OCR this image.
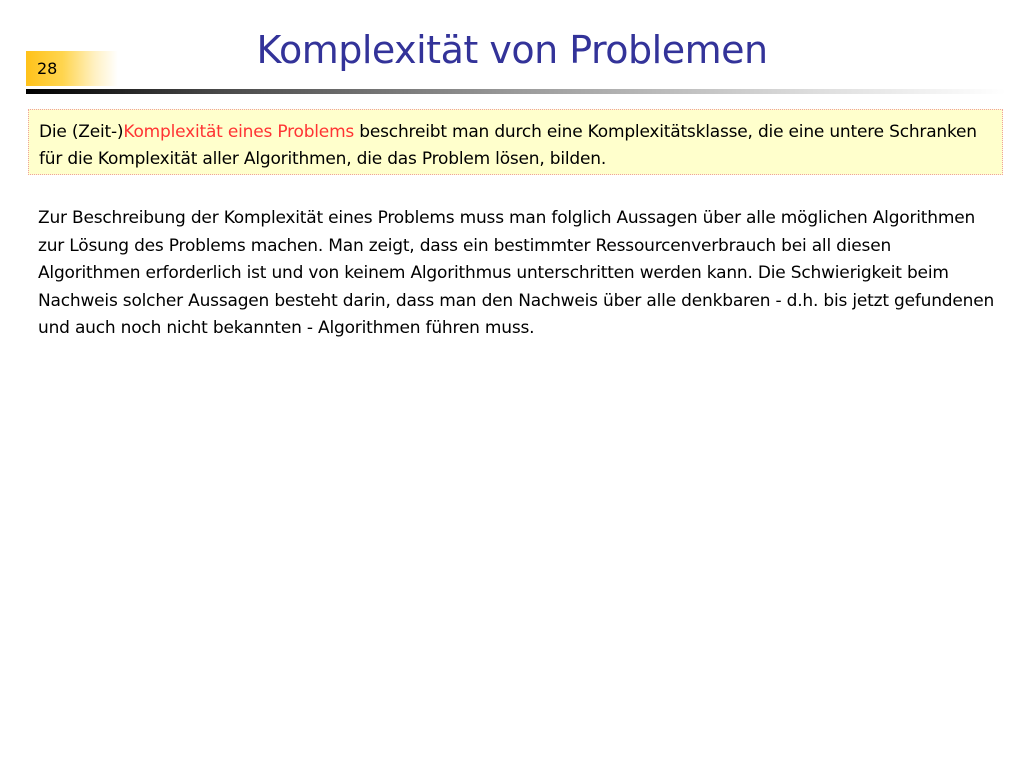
28	Komplexität von Problemen
Die (Zeit-)Komplexität eines Problems beschreibt man durch eine Komplexitätsklasse, die eine untere Schranken für die Komplexität aller Algorithmen, die das Problem lösen, bilden.
Zur Beschreibung der Komplexität eines Problems muss man folglich Aussagen über alle möglichen Algorithmen zur Lösung des Problems machen. Man zeigt, dass ein bestimmter Ressourcenverbrauch bei all diesen Algorithmen erforderlich ist und von keinem Algorithmus unterschritten werden kann. Die Schwierigkeit beim Nachweis solcher Aussagen besteht darin, dass man den Nachweis über alle denkbaren - d.h. bis jetzt gefundenen und auch noch nicht bekannten - Algorithmen führen muss.
